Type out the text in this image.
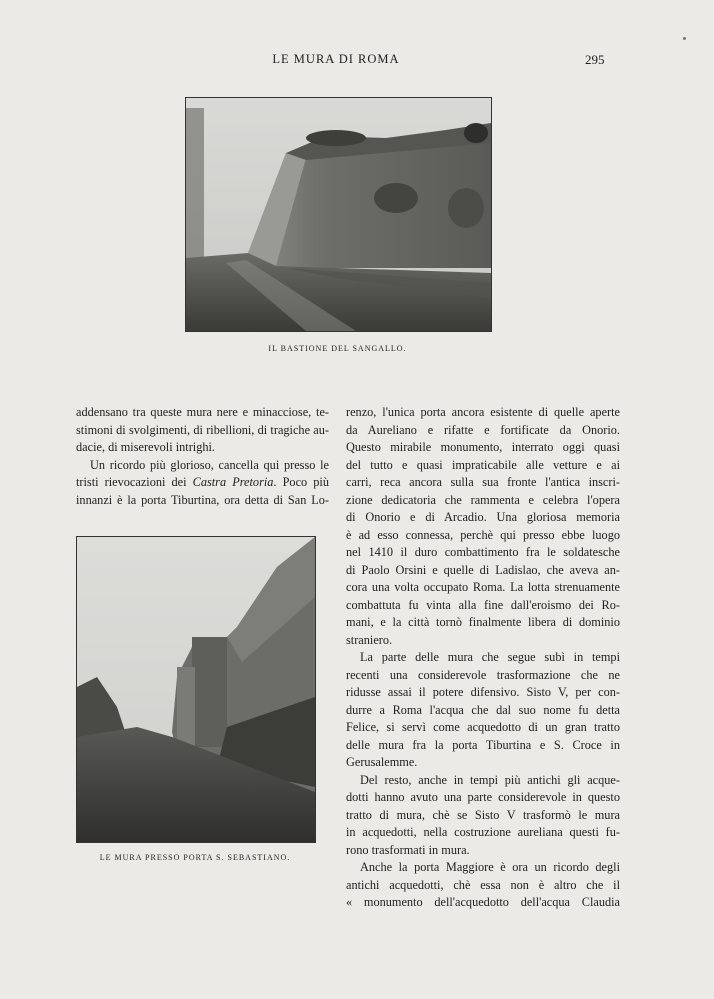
LE MURA DI ROMA	295
IL BASTIONE DEL SANGALLO.
addensano tra queste mura nere e minacciose, te-
stimoni di svolgimenti, di ribellioni, di tragiche au-
dacie, di miserevoli intrighi.
Un ricordo più glorioso, cancella qui presso le
tristi rievocazioni dei Castra Pretoria. Poco più
innanzi è la porta Tiburtina, ora detta di San Lo-
LE MURA PRESSO PORTA S. SEBASTIANO.
renzo, l'unica porta ancora esistente di quelle aperte
da Aureliano e rifatte e fortificate da Onorio.
Questo mirabile monumento, interrato oggi quasi
del tutto e quasi impraticabile alle vetture e ai
carri, reca ancora sulla sua fronte l'antica inscri-
zione dedicatoria che rammenta e celebra l'opera
di Onorio e di Arcadio. Una gloriosa memoria
è ad esso connessa, perchè qui presso ebbe luogo
nel 1410 il duro combattimento fra le soldatesche
di Paolo Orsini e quelle di Ladislao, che aveva an-
cora una volta occupato Roma. La lotta strenuamente
combattuta fu vinta alla fine dall'eroismo dei Ro-
mani, e la città tornò finalmente libera di dominio
straniero.
La parte delle mura che segue subì in tempi
recenti una considerevole trasformazione che ne
ridusse assai il potere difensivo. Sisto V, per con-
durre a Roma l'acqua che dal suo nome fu detta
Felice, si servì come acquedotto di un gran tratto
delle mura fra la porta Tiburtina e S. Croce in
Gerusalemme.
Del resto, anche in tempi più antichi gli acque-
dotti hanno avuto una parte considerevole in questo
tratto di mura, chè se Sisto V trasformò le mura
in acquedotti, nella costruzione aureliana questi fu-
rono trasformati in mura.
Anche la porta Maggiore è ora un ricordo degli
antichi acquedotti, chè essa non è altro che il
« monumento dell'acquedotto dell'acqua Claudia
